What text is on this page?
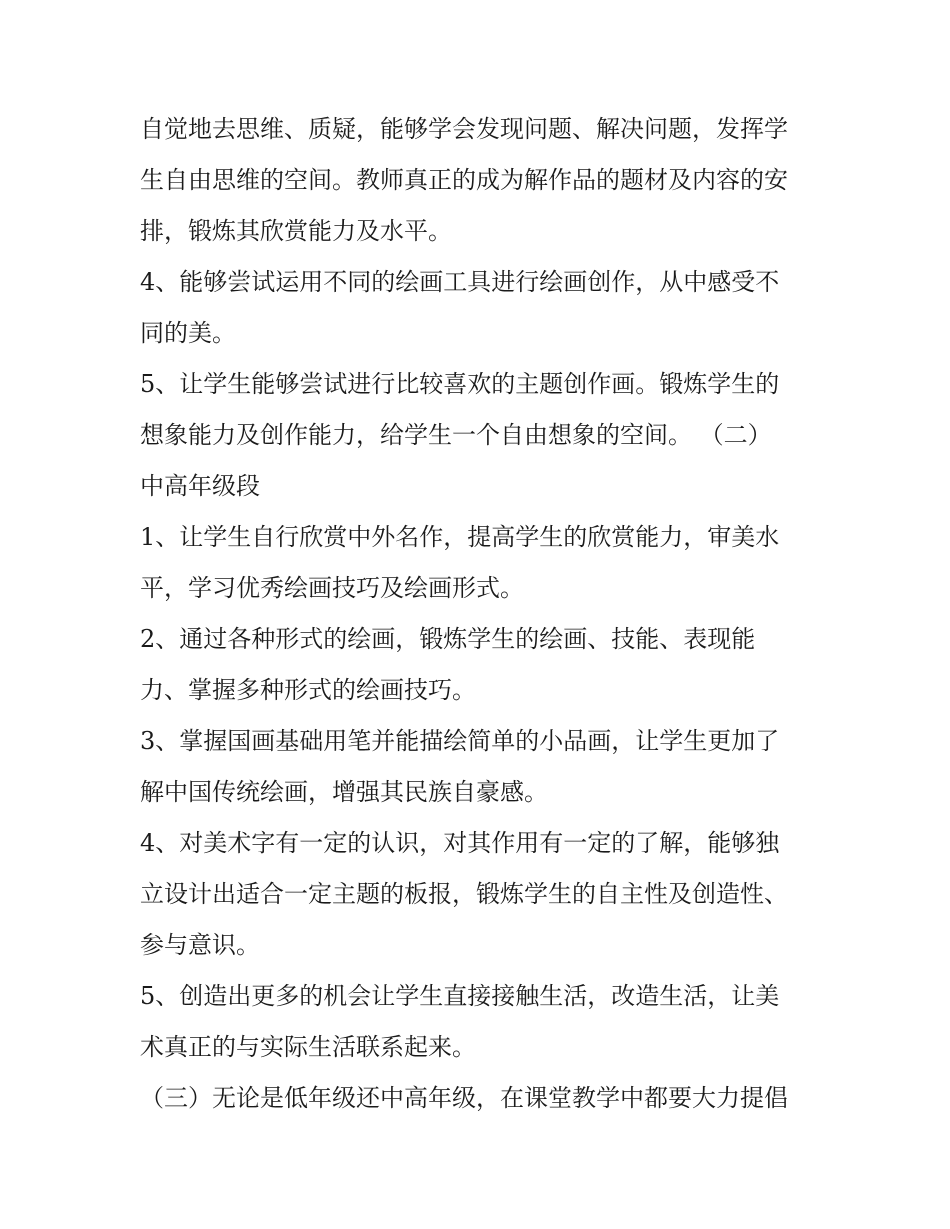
自觉地去思维、质疑，能够学会发现问题、解决问题，发挥学
生自由思维的空间。教师真正的成为解作品的题材及内容的安
排，锻炼其欣赏能力及水平。
4、能够尝试运用不同的绘画工具进行绘画创作，从中感受不
同的美。
5、让学生能够尝试进行比较喜欢的主题创作画。锻炼学生的
想象能力及创作能力，给学生一个自由想象的空间。 （二）
中高年级段
1、让学生自行欣赏中外名作，提高学生的欣赏能力，审美水
平，学习优秀绘画技巧及绘画形式。
2、通过各种形式的绘画，锻炼学生的绘画、技能、表现能
力、掌握多种形式的绘画技巧。
3、掌握国画基础用笔并能描绘简单的小品画，让学生更加了
解中国传统绘画，增强其民族自豪感。
4、对美术字有一定的认识，对其作用有一定的了解，能够独
立设计出适合一定主题的板报，锻炼学生的自主性及创造性、
参与意识。
5、创造出更多的机会让学生直接接触生活，改造生活，让美
术真正的与实际生活联系起来。
（三）无论是低年级还中高年级，在课堂教学中都要大力提倡
